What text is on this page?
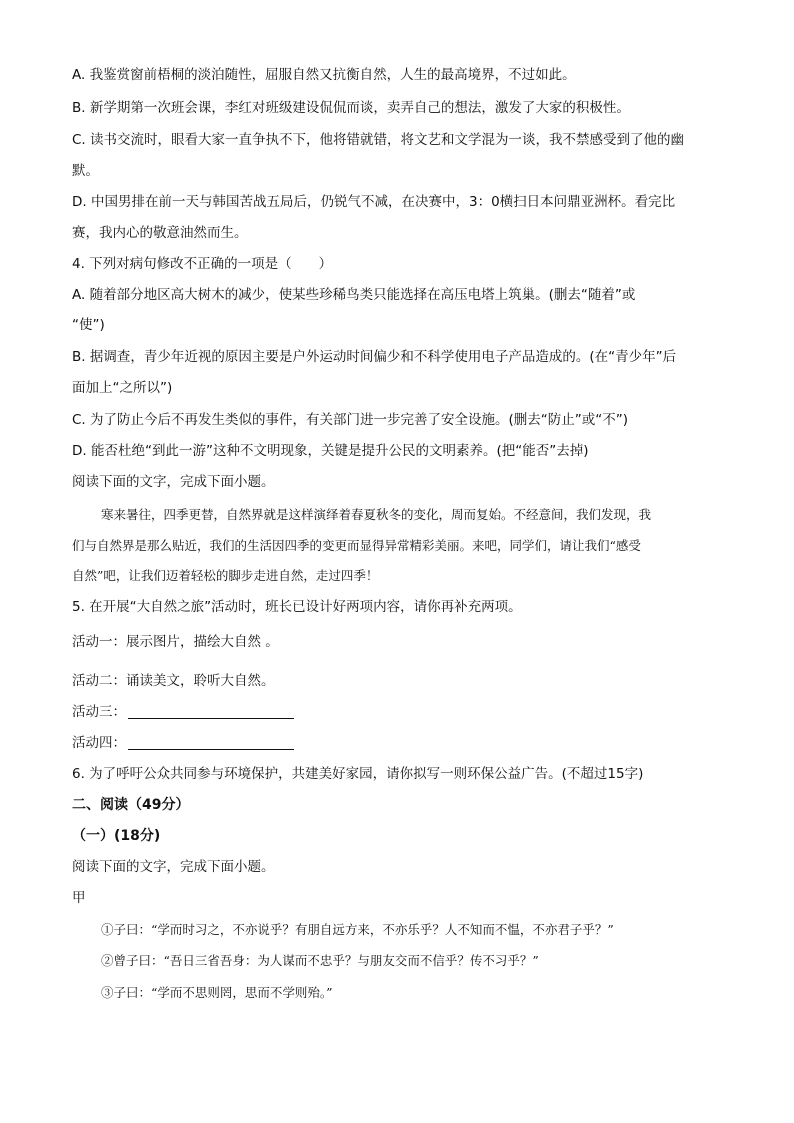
A. 我鉴赏窗前梧桐的淡泊随性，屈服自然又抗衡自然，人生的最高境界，不过如此。
B. 新学期第一次班会课，李红对班级建设侃侃而谈，卖弄自己的想法，激发了大家的积极性。
C. 读书交流时，眼看大家一直争执不下，他将错就错，将文艺和文学混为一谈，我不禁感受到了他的幽
默。
D. 中国男排在前一天与韩国苦战五局后，仍锐气不减，在决赛中，3：0横扫日本问鼎亚洲杯。看完比
赛，我内心的敬意油然而生。
4. 下列对病句修改不正确的一项是（　　）
A. 随着部分地区高大树木的减少，使某些珍稀鸟类只能选择在高压电塔上筑巢。(删去“随着”或
“使”)
B. 据调查，青少年近视的原因主要是户外运动时间偏少和不科学使用电子产品造成的。(在“青少年”后
面加上“之所以”)
C. 为了防止今后不再发生类似的事件，有关部门进一步完善了安全设施。(删去“防止”或“不”)
D. 能否杜绝“到此一游”这种不文明现象，关键是提升公民的文明素养。(把“能否”去掉)
阅读下面的文字，完成下面小题。
寒来暑往，四季更替，自然界就是这样演绎着春夏秋冬的变化，周而复始。不经意间，我们发现，我
们与自然界是那么贴近，我们的生活因四季的变更而显得异常精彩美丽。来吧，同学们，请让我们“感受
自然”吧，让我们迈着轻松的脚步走进自然，走过四季！
5. 在开展“大自然之旅”活动时，班长已设计好两项内容，请你再补充两项。
活动一：展示图片，描绘大自然 。
活动二：诵读美文，聆听大自然。
活动三：
活动四：
6. 为了呼吁公众共同参与环境保护，共建美好家园，请你拟写一则环保公益广告。(不超过15字)
二、阅读（49分）
（一）(18分)
阅读下面的文字，完成下面小题。
甲
①子曰：“学而时习之，不亦说乎？有朋自远方来，不亦乐乎？人不知而不愠，不亦君子乎？”
②曾子曰：“吾日三省吾身：为人谋而不忠乎？与朋友交而不信乎？传不习乎？”
③子曰：“学而不思则罔，思而不学则殆。”
